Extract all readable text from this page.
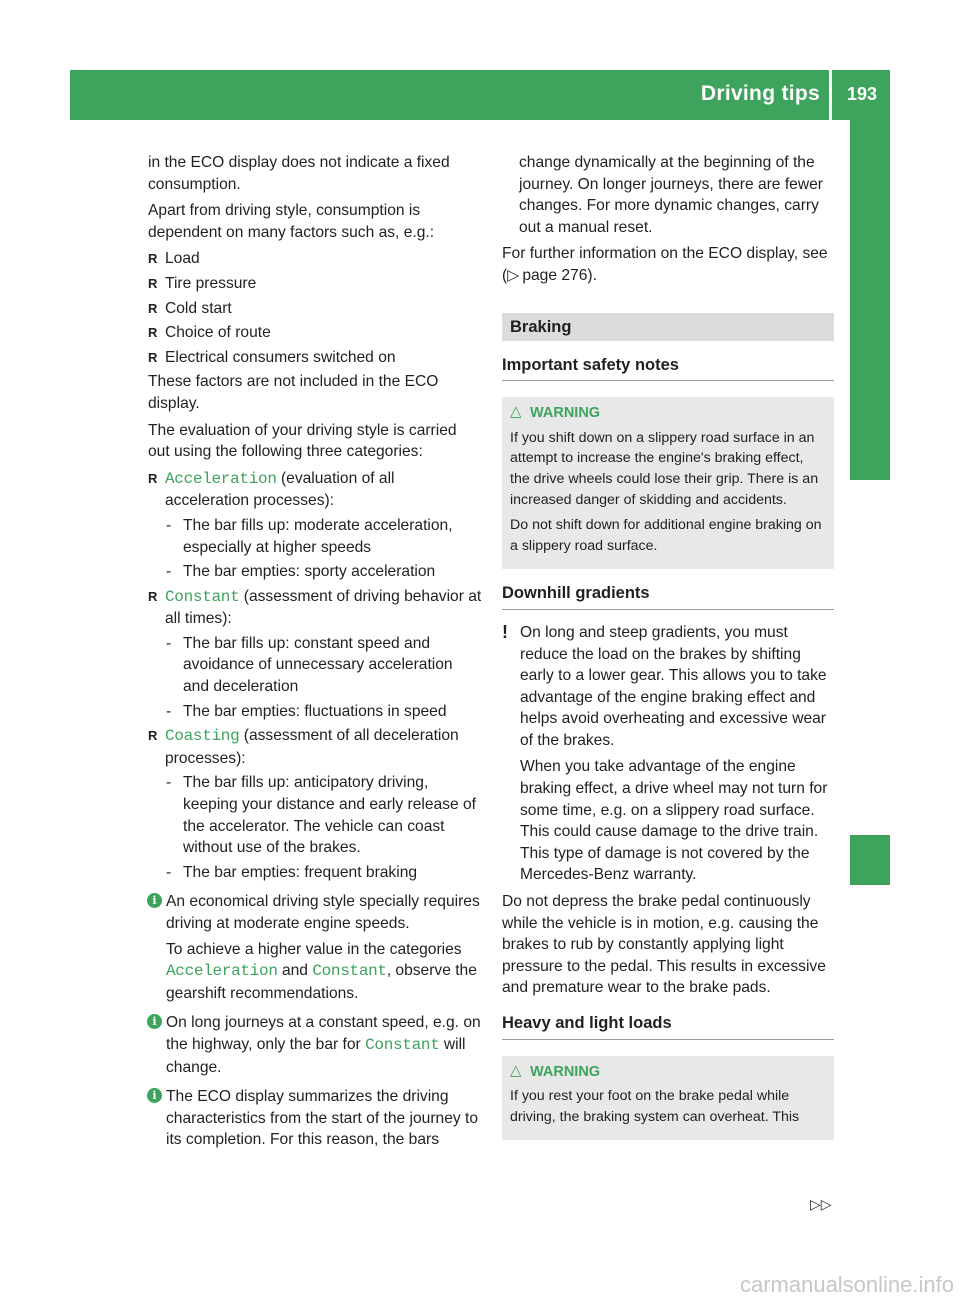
Driving tips	193
Driving and parking

in the ECO display does not indicate a fixed consumption.

Apart from driving style, consumption is dependent on many factors such as, e.g.:

R Load
R Tire pressure
R Cold start
R Choice of route
R Electrical consumers switched on

These factors are not included in the ECO display.

The evaluation of your driving style is carried out using the following three categories:

R Acceleration (evaluation of all acceleration processes):
- The bar fills up: moderate acceleration, especially at higher speeds
- The bar empties: sporty acceleration
R Constant (assessment of driving behavior at all times):
- The bar fills up: constant speed and avoidance of unnecessary acceleration and deceleration
- The bar empties: fluctuations in speed
R Coasting (assessment of all deceleration processes):
- The bar fills up: anticipatory driving, keeping your distance and early release of the accelerator. The vehicle can coast without use of the brakes.
- The bar empties: frequent braking
i An economical driving style specially requires driving at moderate engine speeds.
To achieve a higher value in the categories Acceleration and Constant, observe the gearshift recommendations.
i On long journeys at a constant speed, e.g. on the highway, only the bar for Constant will change.
i The ECO display summarizes the driving characteristics from the start of the journey to its completion. For this reason, the bars

change dynamically at the beginning of the journey. On longer journeys, there are fewer changes. For more dynamic changes, carry out a manual reset.

For further information on the ECO display, see (▷  page 276).

Braking
Important safety notes
△ WARNING

If you shift down on a slippery road surface in an attempt to increase the engine's braking effect, the drive wheels could lose their grip. There is an increased danger of skidding and accidents.

Do not shift down for additional engine braking on a slippery road surface.

Downhill gradients
! On long and steep gradients, you must reduce the load on the brakes by shifting early to a lower gear. This allows you to take advantage of the engine braking effect and helps avoid overheating and excessive wear of the brakes.

When you take advantage of the engine braking effect, a drive wheel may not turn for some time, e.g. on a slippery road surface. This could cause damage to the drive train. This type of damage is not covered by the Mercedes-Benz warranty.

Do not depress the brake pedal continuously while the vehicle is in motion, e.g. causing the brakes to rub by constantly applying light pressure to the pedal. This results in excessive and premature wear to the brake pads.

Heavy and light loads
△ WARNING

If you rest your foot on the brake pedal while driving, the braking system can overheat. This

▷▷
carmanualsonline.info
